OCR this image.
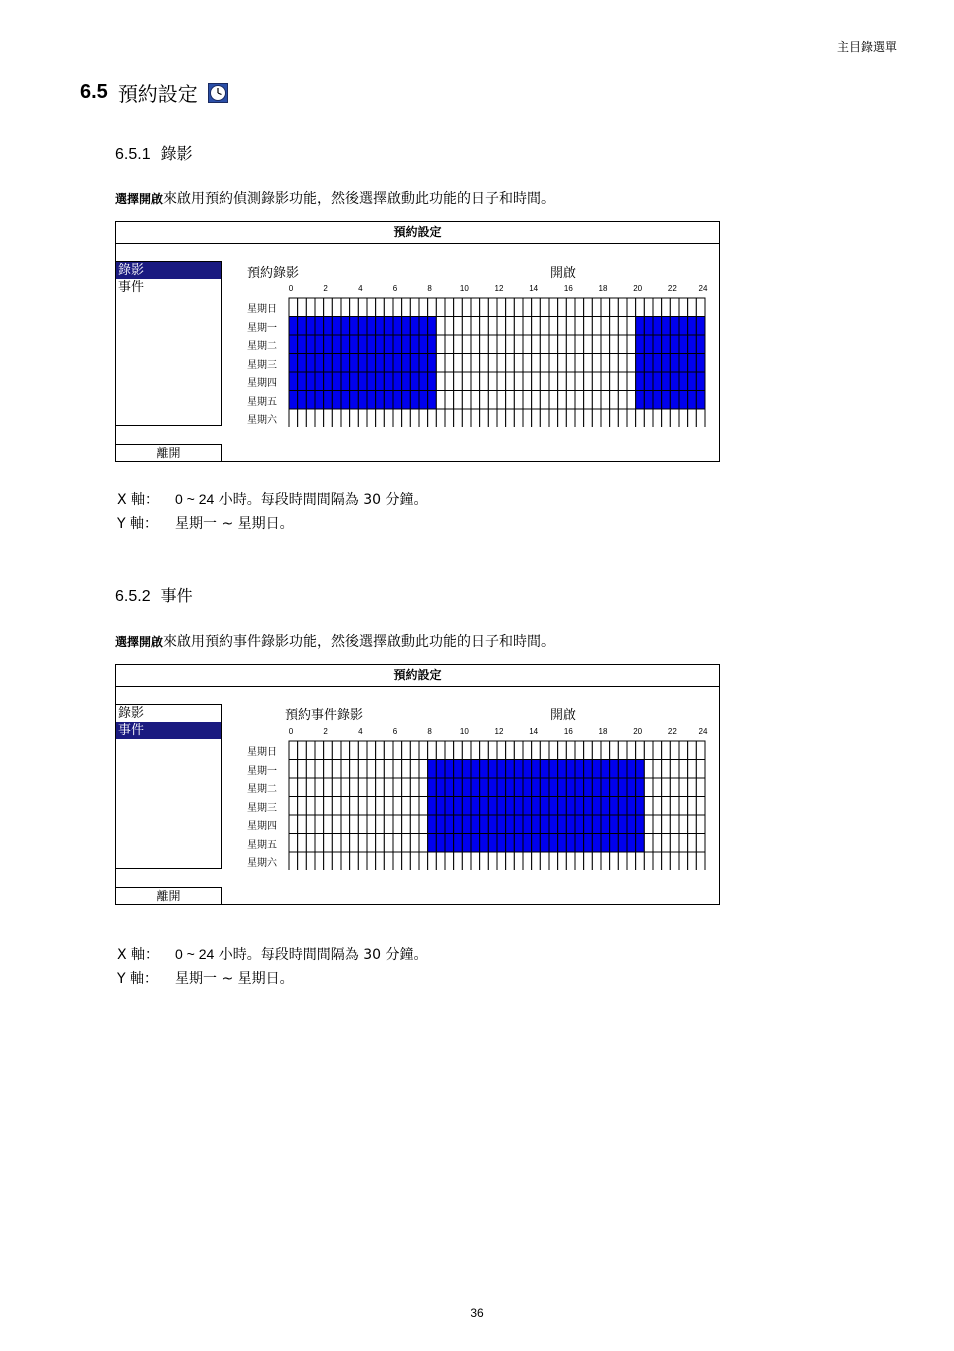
主目錄選單
6.5 預約設定
6.5.1 錄影
選擇開啟來啟用預約偵測錄影功能，然後選擇啟動此功能的日子和時間。
預約設定
錄影
事件
離開
預約錄影	開啟
0	2	4	6	8	10	12	14	16	18	20	22	24
星期日
星期一
星期二
星期三
星期四
星期五
星期六
X 軸： 0 ~ 24 小時。每段時間間隔為 30 分鐘。
Y 軸： 星期一 ~ 星期日。
6.5.2 事件
選擇開啟來啟用預約事件錄影功能，然後選擇啟動此功能的日子和時間。
預約設定
錄影
事件
離開
預約事件錄影	開啟
0	2	4	6	8	10	12	14	16	18	20	22	24
星期日
星期一
星期二
星期三
星期四
星期五
星期六
X 軸： 0 ~ 24 小時。每段時間間隔為 30 分鐘。
Y 軸： 星期一 ~ 星期日。
36
